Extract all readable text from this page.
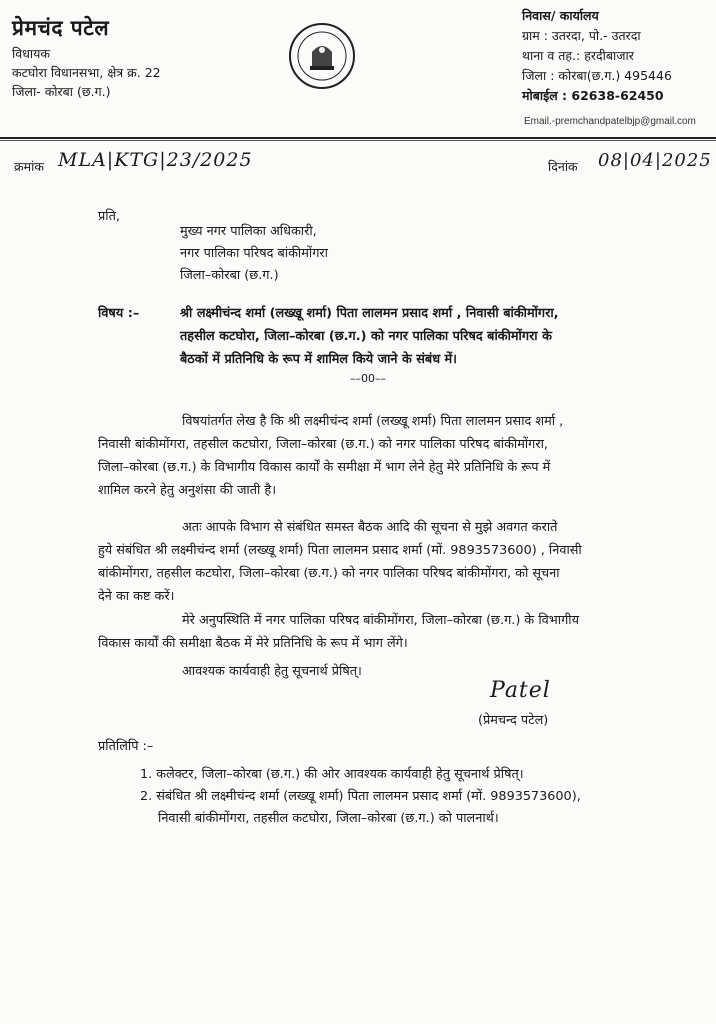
प्रेमचंद पटेल
विधायक
कटघोरा विधानसभा, क्षेत्र क्र. 22
जिला- कोरबा (छ.ग.)
निवास/ कार्यालय
ग्राम : उतरदा, पो.- उतरदा
थाना व तह.: हरदीबाजार
जिला : कोरबा(छ.ग.) 495446
मोबाईल : 62638-62450
Email.-premchandpatelbjp@gmail.com
क्रमांक MLA|KTG|23/2025	दिनांक 08|04|2025
प्रति,
मुख्य नगर पालिका अधिकारी,
नगर पालिका परिषद बांकीमोंगरा
जिला–कोरबा (छ.ग.)
विषय :–	श्री लक्ष्मीचंन्द शर्मा (लख्खू शर्मा) पिता लालमन प्रसाद शर्मा , निवासी बांकीमोंगरा,
तहसील कटघोरा, जिला–कोरबा (छ.ग.) को नगर पालिका परिषद बांकीमोंगरा के
बैठकों में प्रतिनिधि के रूप में शामिल किये जाने के संबंध में।
––00––
विषयांतर्गत लेख है कि श्री लक्ष्मीचंन्द शर्मा (लख्खू शर्मा) पिता लालमन प्रसाद शर्मा ,
निवासी बांकीमोंगरा, तहसील कटघोरा, जिला–कोरबा (छ.ग.) को नगर पालिका परिषद बांकीमोंगरा,
जिला–कोरबा (छ.ग.) के विभागीय विकास कार्यों के समीक्षा में भाग लेने हेतु मेरे प्रतिनिधि के रूप में
शामिल करने हेतु अनुशंसा की जाती है।
अतः आपके विभाग से संबंधित समस्त बैठक आदि की सूचना से मुझे अवगत कराते
हुये संबंधित श्री लक्ष्मीचंन्द शर्मा (लख्खू शर्मा) पिता लालमन प्रसाद शर्मा (मों. 9893573600) , निवासी
बांकीमोंगरा, तहसील कटघोरा, जिला–कोरबा (छ.ग.) को नगर पालिका परिषद बांकीमोंगरा, को सूचना
देने का कष्ट करें।
मेरे अनुपस्थिति में नगर पालिका परिषद बांकीमोंगरा, जिला–कोरबा (छ.ग.) के विभागीय
विकास कार्यों की समीक्षा बैठक में मेरे प्रतिनिधि के रूप में भाग लेंगे।
आवश्यक कार्यवाही हेतु सूचनार्थ प्रेषित्।
Patel
(प्रेमचन्द पटेल)
प्रतिलिपि :–
1. कलेक्टर, जिला–कोरबा (छ.ग.) की ओर आवश्यक कार्यवाही हेतु सूचनार्थ प्रेषित्।
2. संबंधित श्री लक्ष्मीचंन्द शर्मा (लख्खू शर्मा) पिता लालमन प्रसाद शर्मा (मों. 9893573600),
निवासी बांकीमोंगरा, तहसील कटघोरा, जिला–कोरबा (छ.ग.) को पालनार्थ।
